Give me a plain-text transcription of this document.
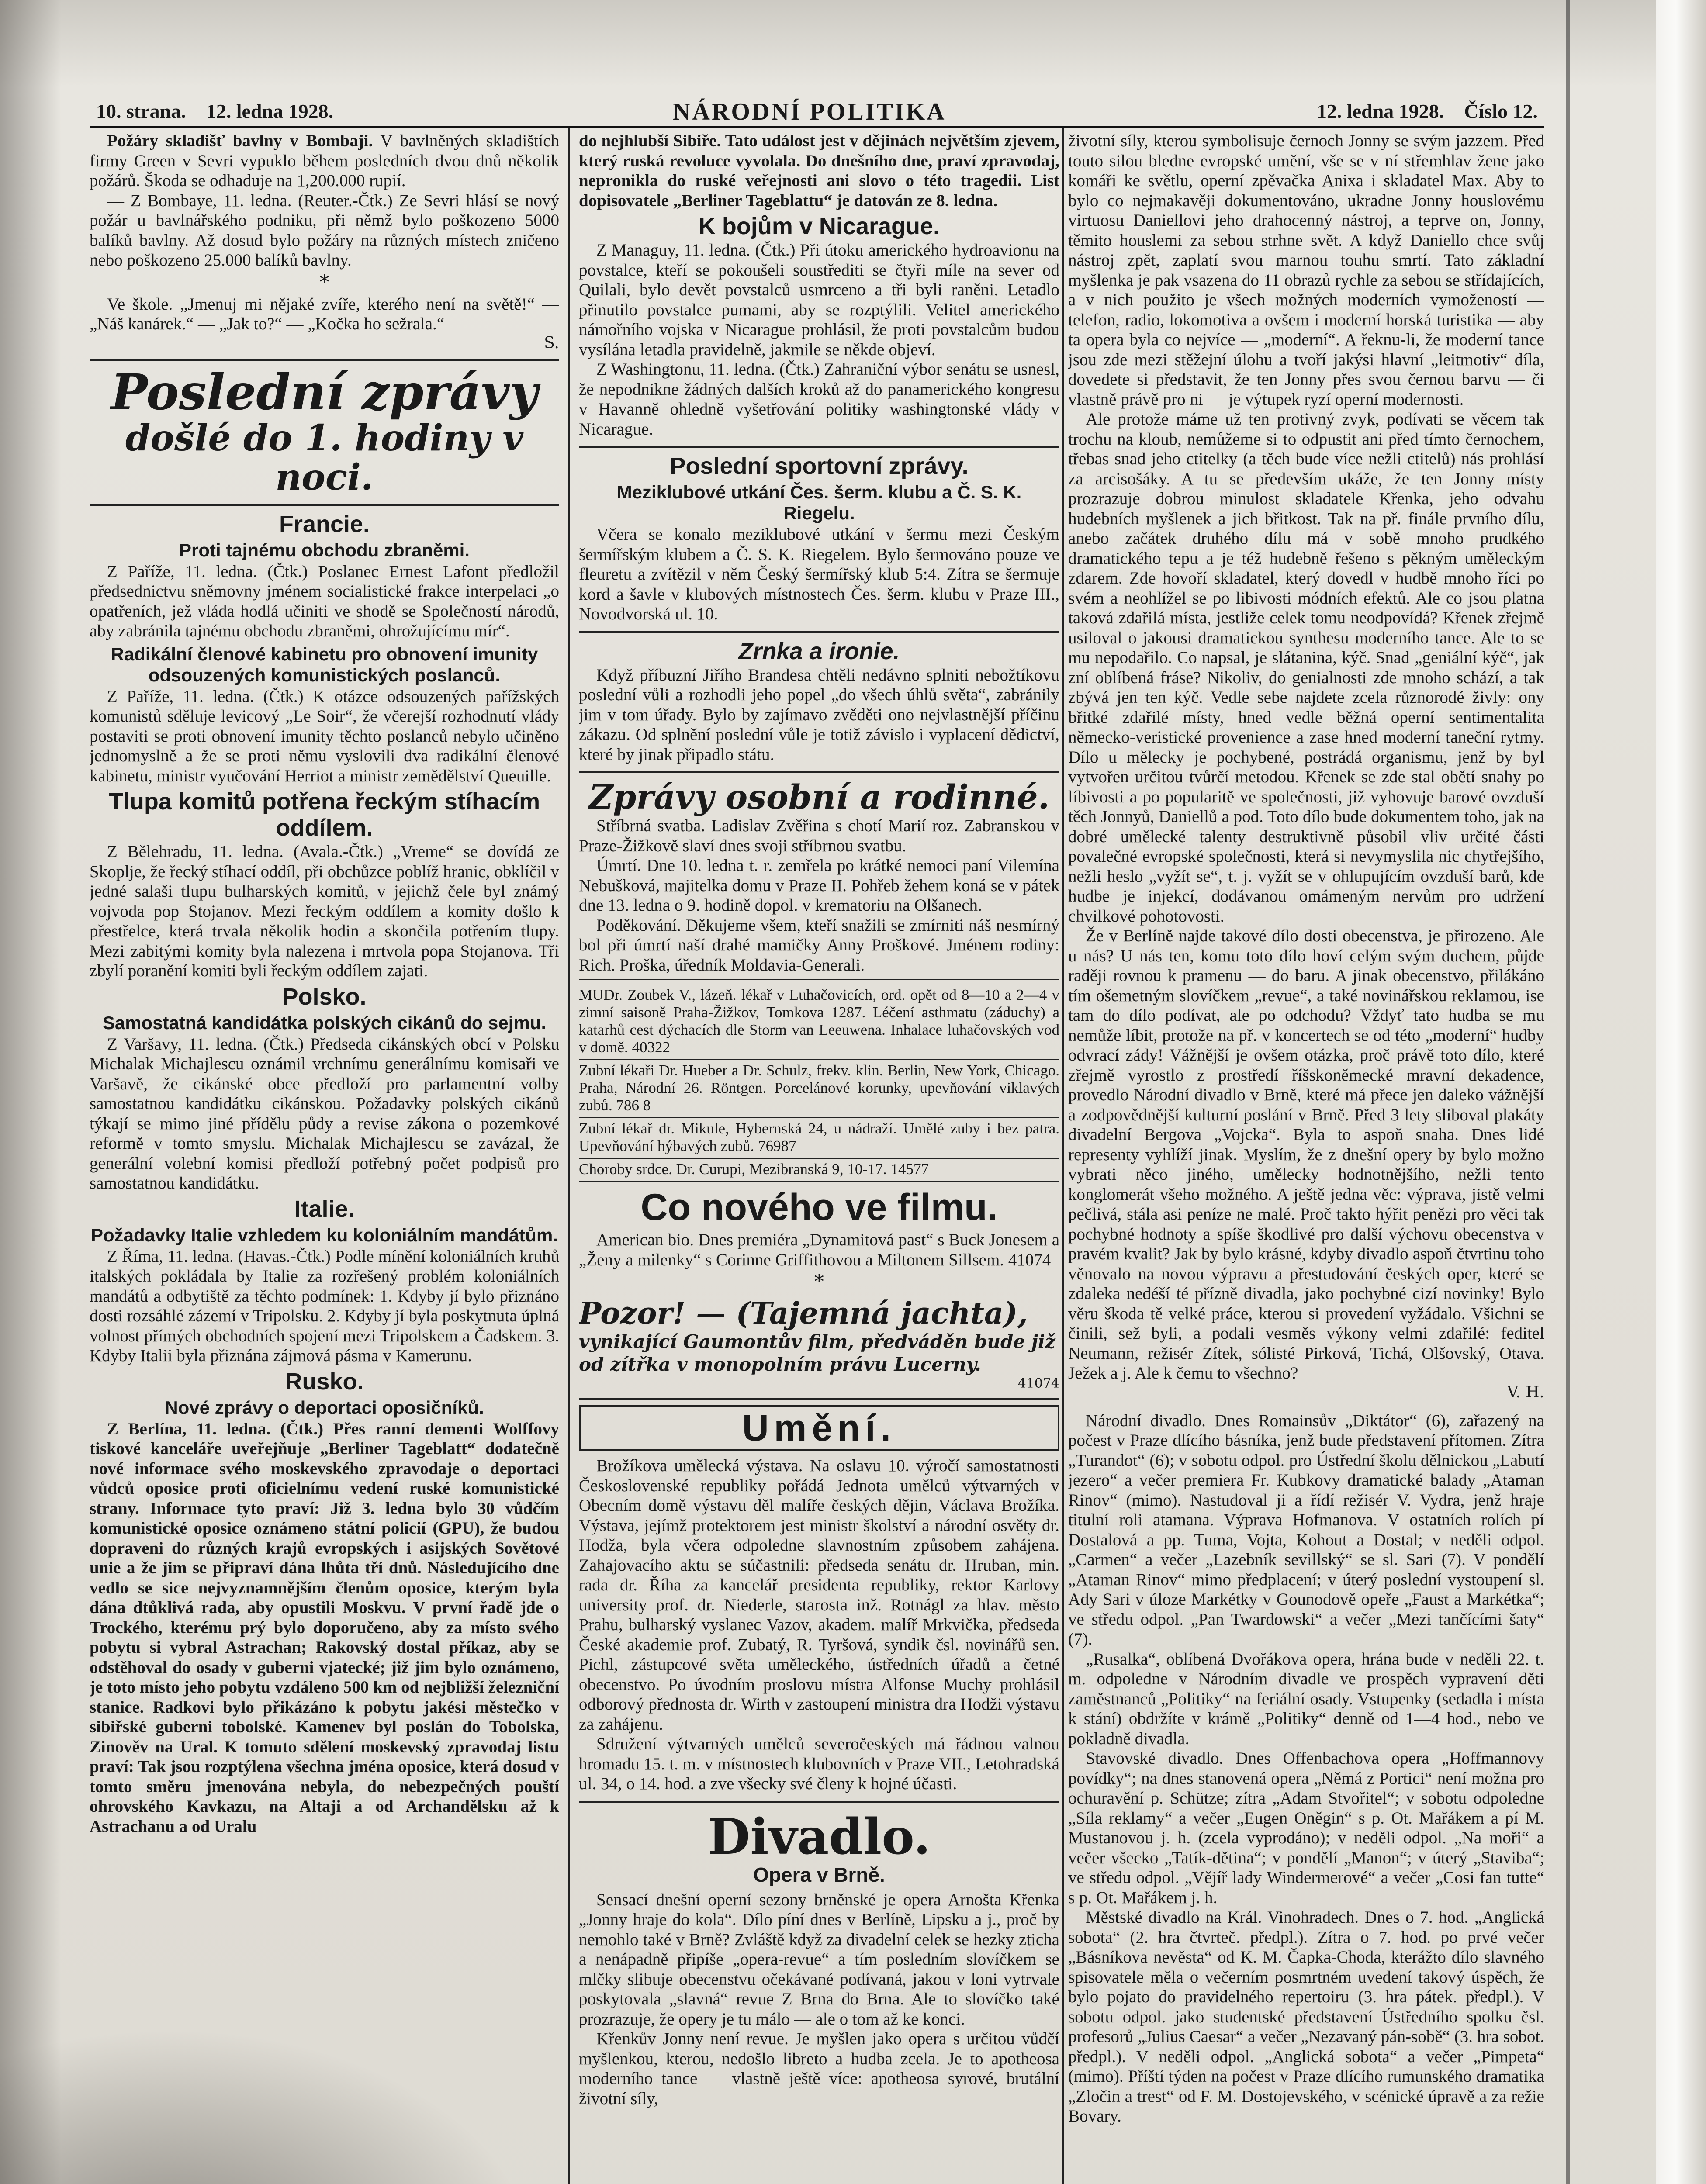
10. strana. 12. ledna 1928.	NÁRODNÍ POLITIKA	12. ledna 1928. Číslo 12.

Požáry skladišť bavlny v Bombaji. V bavlněných skladištích firmy Green v Sevri vypuklo během posledních dvou dnů několik požárů. Škoda se odhaduje na 1,200.000 rupií.

— Z Bombaye, 11. ledna. (Reuter.-Čtk.) Ze Sevri hlásí se nový požár u bavlnářského podniku, při němž bylo poškozeno 5000 balíků bavlny. Až dosud bylo požáry na různých místech zničeno nebo poškozeno 25.000 balíků bavlny.

*

Ve škole. „Jmenuj mi nějaké zvíře, kterého není na světě!“ — „Náš kanárek.“ — „Jak to?“ — „Kočka ho sežrala.“

S.
Poslední zprávy
došlé do 1. hodiny v noci.
Francie.
Proti tajnému obchodu zbraněmi.

Z Paříže, 11. ledna. (Čtk.) Poslanec Ernest Lafont předložil předsednictvu sněmovny jménem socialistické frakce interpelaci „o opatřeních, jež vláda hodlá učiniti ve shodě se Společností národů, aby zabránila tajnému obchodu zbraněmi, ohrožujícímu mír“.

Radikální členové kabinetu pro obnovení imunity odsouzených komunistických poslanců.

Z Paříže, 11. ledna. (Čtk.) K otázce odsouzených pařížských komunistů sděluje levicový „Le Soir“, že včerejší rozhodnutí vlády postaviti se proti obnovení imunity těchto poslanců nebylo učiněno jednomyslně a že se proti němu vyslovili dva radikální členové kabinetu, ministr vyučování Herriot a ministr zemědělství Queuille.

Tlupa komitů potřena řeckým stíhacím oddílem.

Z Bělehradu, 11. ledna. (Avala.-Čtk.) „Vreme“ se dovídá ze Skoplje, že řecký stíhací oddíl, při obchůzce poblíž hranic, obklíčil v jedné salaši tlupu bulharských komitů, v jejichž čele byl známý vojvoda pop Stojanov. Mezi řeckým oddílem a komity došlo k přestřelce, která trvala několik hodin a skončila potřením tlupy. Mezi zabitými komity byla nalezena i mrtvola popa Stojanova. Tři zbylí poranění komiti byli řeckým oddílem zajati.

Polsko.
Samostatná kandidátka polských cikánů do sejmu.

Z Varšavy, 11. ledna. (Čtk.) Předseda cikánských obcí v Polsku Michalak Michajlescu oznámil vrchnímu generálnímu komisaři ve Varšavě, že cikánské obce předloží pro parlamentní volby samostatnou kandidátku cikánskou. Požadavky polských cikánů týkají se mimo jiné přídělu půdy a revise zákona o pozemkové reformě v tomto smyslu. Michalak Michajlescu se zavázal, že generální volební komisi předloží potřebný počet podpisů pro samostatnou kandidátku.

Italie.
Požadavky Italie vzhledem ku koloniálním mandátům.

Z Říma, 11. ledna. (Havas.-Čtk.) Podle mínění koloniálních kruhů italských pokládala by Italie za rozřešený problém koloniálních mandátů a odbytiště za těchto podmínek: 1. Kdyby jí bylo přiznáno dosti rozsáhlé zázemí v Tripolsku. 2. Kdyby jí byla poskytnuta úplná volnost přímých obchodních spojení mezi Tripolskem a Čadskem. 3. Kdyby Italii byla přiznána zájmová pásma v Kamerunu.

Rusko.
Nové zprávy o deportaci oposičníků.

Z Berlína, 11. ledna. (Čtk.) Přes ranní dementi Wolffovy tiskové kanceláře uveřejňuje „Berliner Tageblatt“ dodatečně nové informace svého moskevského zpravodaje o deportaci vůdců oposice proti oficielnímu vedení ruské komunistické strany. Informace tyto praví: Již 3. ledna bylo 30 vůdčím komunistické oposice oznámeno státní policií (GPU), že budou dopraveni do různých krajů evropských i asijských Sovětové unie a že jim se připraví dána lhůta tří dnů. Následujícího dne vedlo se sice nejvyznamnějším členům oposice, kterým byla dána dtůklivá rada, aby opustili Moskvu. V první řadě jde o Trockého, kterému prý bylo doporučeno, aby za místo svého pobytu si vybral Astrachan; Rakovský dostal příkaz, aby se odstěhoval do osady v guberni vjatecké; již jim bylo oznámeno, je toto místo jeho pobytu vzdáleno 500 km od nejbližší železniční stanice. Radkovi bylo přikázáno k pobytu jakési městečko v sibiřské guberni tobolské. Kamenev byl poslán do Tobolska, Zinověv na Ural. K tomuto sdělení moskevský zpravodaj listu praví: Tak jsou rozptýlena všechna jména oposice, která dosud v tomto směru jmenována nebyla, do nebezpečných pouští ohrovského Kavkazu, na Altaji a od Archandělsku až k Astrachanu a od Uralu

do nejhlubší Sibiře. Tato událost jest v dějinách největším zjevem, který ruská revoluce vyvolala. Do dnešního dne, praví zpravodaj, nepronikla do ruské veřejnosti ani slovo o této tragedii. List dopisovatele „Berliner Tageblattu“ je datován ze 8. ledna.

K bojům v Nicarague.

Z Managuy, 11. ledna. (Čtk.) Při útoku amerického hydroavionu na povstalce, kteří se pokoušeli soustřediti se čtyři míle na sever od Quilali, bylo devět povstalců usmrceno a tři byli raněni. Letadlo přinutilo povstalce pumami, aby se rozptýlili. Velitel amerického námořního vojska v Nicarague prohlásil, že proti povstalcům budou vysílána letadla pravidelně, jakmile se někde objeví.

Z Washingtonu, 11. ledna. (Čtk.) Zahraniční výbor senátu se usnesl, že nepodnikne žádných dalších kroků až do panamerického kongresu v Havanně ohledně vyšetřování politiky washingtonské vlády v Nicarague.

Poslední sportovní zprávy.
Meziklubové utkání Čes. šerm. klubu a Č. S. K. Riegelu.

Včera se konalo meziklubové utkání v šermu mezi Českým šermířským klubem a Č. S. K. Riegelem. Bylo šermováno pouze ve fleuretu a zvítězil v něm Český šermířský klub 5:4. Zítra se šermuje kord a šavle v klubových místnostech Čes. šerm. klubu v Praze III., Novodvorská ul. 10.

Zrnka a ironie.

Když příbuzní Jiřího Brandesa chtěli nedávno splniti nebožtíkovu poslední vůli a rozhodli jeho popel „do všech úhlů světa“, zabránily jim v tom úřady. Bylo by zajímavo zvěděti ono nejvlastnější příčinu zákazu. Od splnění poslední vůle je totiž závislo i vyplacení dědictví, které by jinak připadlo státu.

Zprávy osobní a rodinné.

Stříbrná svatba. Ladislav Zvěřina s chotí Marií roz. Zabranskou v Praze-Žižkově slaví dnes svoji stříbrnou svatbu.

Úmrtí. Dne 10. ledna t. r. zemřela po krátké nemoci paní Vilemína Nebušková, majitelka domu v Praze II. Pohřeb žehem koná se v pátek dne 13. ledna o 9. hodině dopol. v krematoriu na Olšanech.

Poděkování. Děkujeme všem, kteří snažili se zmírniti náš nesmírný bol při úmrtí naší drahé mamičky Anny Proškové. Jménem rodiny: Rich. Proška, úředník Moldavia-Generali.

MUDr. Zoubek V., lázeň. lékař v Luhačovicích, ord. opět od 8—10 a 2—4 v zimní saisoně Praha-Žižkov, Tomkova 1287. Léčení asthmatu (záduchy) a katarhů cest dýchacích dle Storm van Leeuwena. Inhalace luhačovských vod v domě. 40322

Zubní lékaři Dr. Hueber a Dr. Schulz, frekv. klin. Berlin, New York, Chicago. Praha, Národní 26. Röntgen. Porcelánové korunky, upevňování viklavých zubů. 786 8

Zubní lékař dr. Mikule, Hybernská 24, u nádraží. Umělé zuby i bez patra. Upevňování hýbavých zubů. 76987

Choroby srdce. Dr. Curupi, Mezibranská 9, 10-17. 14577

Co nového ve filmu.

American bio. Dnes premiéra „Dynamitová past“ s Buck Jonesem a „Ženy a milenky“ s Corinne Griffithovou a Miltonem Sillsem. 41074

*
Pozor! — (Tajemná jachta),

vynikající Gaumontův film, předváděn bude již od zítřka v monopolním právu Lucerny.

41074
Umění.

Brožíkova umělecká výstava. Na oslavu 10. výročí samostatnosti Československé republiky pořádá Jednota umělců výtvarných v Obecním domě výstavu děl malíře českých dějin, Václava Brožíka. Výstava, jejímž protektorem jest ministr školství a národní osvěty dr. Hodža, byla včera odpoledne slavnostním způsobem zahájena. Zahajovacího aktu se súčastnili: předseda senátu dr. Hruban, min. rada dr. Říha za kancelář presidenta republiky, rektor Karlovy university prof. dr. Niederle, starosta inž. Rotnágl za hlav. město Prahu, bulharský vyslanec Vazov, akadem. malíř Mrkvička, předseda České akademie prof. Zubatý, R. Tyršová, syndik čsl. novinářů sen. Pichl, zástupcové světa uměleckého, ústředních úřadů a četné obecenstvo. Po úvodním proslovu místra Alfonse Muchy prohlásil odborový přednosta dr. Wirth v zastoupení ministra dra Hodži výstavu za zahájenu.

Sdružení výtvarných umělců severočeských má řádnou valnou hromadu 15. t. m. v místnostech klubovních v Praze VII., Letohradská ul. 34, o 14. hod. a zve všecky své členy k hojné účasti.

Divadlo.
Opera v Brně.

Sensací dnešní operní sezony brněnské je opera Arnošta Křenka „Jonny hraje do kola“. Dílo píní dnes v Berlíně, Lipsku a j., proč by nemohlo také v Brně? Zvláště když za divadelní celek se hezky zticha a nenápadně připíše „opera-revue“ a tím posledním slovíčkem se mlčky slibuje obecenstvu očekávané podívaná, jakou v loni vytrvale poskytovala „slavná“ revue Z Brna do Brna. Ale to slovíčko také prozrazuje, že opery je tu málo — ale o tom až ke konci.

Křenkův Jonny není revue. Je myšlen jako opera s určitou vůdčí myšlenkou, kterou, nedošlo libreto a hudba zcela. Je to apotheosa moderního tance — vlastně ještě více: apotheosa syrové, brutální životní síly,

životní síly, kterou symbolisuje černoch Jonny se svým jazzem. Před touto silou bledne evropské umění, vše se v ní střemhlav žene jako komáři ke světlu, operní zpěvačka Anixa i skladatel Max. Aby to bylo co nejmakavěji dokumentováno, ukradne Jonny houslovému virtuosu Daniellovi jeho drahocenný nástroj, a teprve on, Jonny, těmito houslemi za sebou strhne svět. A když Daniello chce svůj nástroj zpět, zaplatí svou marnou touhu smrtí. Tato základní myšlenka je pak vsazena do 11 obrazů rychle za sebou se střídajících, a v nich použito je všech možných moderních vymožeností — telefon, radio, lokomotiva a ovšem i moderní horská turistika — aby ta opera byla co nejvíce — „moderní“. A řeknu-li, že moderní tance jsou zde mezi stěžejní úlohu a tvoří jakýsi hlavní „leitmotiv“ díla, dovedete si představit, že ten Jonny přes svou černou barvu — či vlastně právě pro ni — je výtupek ryzí operní modernosti.

Ale protože máme už ten protivný zvyk, podívati se věcem tak trochu na kloub, nemůžeme si to odpustit ani před tímto černochem, třebas snad jeho ctitelky (a těch bude více nežli ctitelů) nás prohlásí za arcisošáky. A tu se především ukáže, že ten Jonny místy prozrazuje dobrou minulost skladatele Křenka, jeho odvahu hudebních myšlenek a jich břitkost. Tak na př. finále prvního dílu, anebo začátek druhého dílu má v sobě mnoho prudkého dramatického tepu a je též hudebně řešeno s pěkným uměleckým zdarem. Zde hovoří skladatel, který dovedl v hudbě mnoho říci po svém a neohlížel se po libivosti módních efektů. Ale co jsou platna taková zdařilá místa, jestliže celek tomu neodpovídá? Křenek zřejmě usiloval o jakousi dramatickou synthesu moderního tance. Ale to se mu nepodařilo. Co napsal, je slátanina, kýč. Snad „geniální kýč“, jak zní oblíbená fráse? Nikoliv, do genialnosti zde mnoho schází, a tak zbývá jen ten kýč. Vedle sebe najdete zcela různorodé živly: ony břitké zdařilé místy, hned vedle běžná operní sentimentalita německo-veristické provenience a zase hned moderní taneční rytmy. Dílo u mělecky je pochybené, postrádá organismu, jenž by byl vytvořen určitou tvůrčí metodou. Křenek se zde stal obětí snahy po líbivosti a po popularitě ve společnosti, již vyhovuje barové ovzduší těch Jonnyů, Daniellů a pod. Toto dílo bude dokumentem toho, jak na dobré umělecké talenty destruktivně působil vliv určité části povalečné evropské společnosti, která si nevymyslila nic chytřejšího, nežli heslo „vyžít se“, t. j. vyžít se v ohlupujícím ovzduší barů, kde hudbe je injekcí, dodávanou omámeným nervům pro udržení chvilkové pohotovosti.

Že v Berlíně najde takové dílo dosti obecenstva, je přirozeno. Ale u nás? U nás ten, komu toto dílo hoví celým svým duchem, půjde raději rovnou k pramenu — do baru. A jinak obecenstvo, přilákáno tím ošemetným slovíčkem „revue“, a také novinářskou reklamou, ise tam do dílo podívat, ale po odchodu? Vždyť tato hudba se mu nemůže líbit, protože na př. v koncertech se od této „moderní“ hudby odvrací zády! Vážnější je ovšem otázka, proč právě toto dílo, které zřejmě vyrostlo z prostředí říšskoněmecké mravní dekadence, provedlo Národní divadlo v Brně, které má přece jen daleko vážnější a zodpovědnější kulturní poslání v Brně. Před 3 lety sliboval plakáty divadelní Bergova „Vojcka“. Byla to aspoň snaha. Dnes lidé representy vyhlíží jinak. Myslím, že z dnešní opery by bylo možno vybrati něco jiného, umělecky hodnotnějšího, nežli tento konglomerát všeho možného. A ještě jedna věc: výprava, jistě velmi pečlivá, stála asi peníze ne malé. Proč takto hýřit penězi pro věci tak pochybné hodnoty a spíše škodlivé pro další výchovu obecenstva v pravém kvalit? Jak by bylo krásné, kdyby divadlo aspoň čtvrtinu toho věnovalo na novou výpravu a přestudování českých oper, které se zdaleka nedéší té přízně divadla, jako pochybné cizí novinky! Bylo věru škoda tě velké práce, kterou si provedení vyžádalo. Všichni se činili, sež byli, a podali vesměs výkony velmi zdařilé: feditel Neumann, režisér Zítek, sólisté Pirková, Tichá, Olšovský, Otava. Ježek a j. Ale k čemu to všechno?

V. H.

Národní divadlo. Dnes Romainsův „Diktátor“ (6), zařazený na počest v Praze dlícího básníka, jenž bude představení přítomen. Zítra „Turandot“ (6); v sobotu odpol. pro Ústřední školu dělnickou „Labutí jezero“ a večer premiera Fr. Kubkovy dramatické balady „Ataman Rinov“ (mimo). Nastudoval ji a řídí režisér V. Vydra, jenž hraje titulní roli atamana. Výprava Hofmanova. V ostatních rolích pí Dostalová a pp. Tuma, Vojta, Kohout a Dostal; v neděli odpol. „Carmen“ a večer „Lazebník sevillský“ se sl. Sari (7). V pondělí „Ataman Rinov“ mimo předplacení; v úterý poslední vystoupení sl. Ady Sari v úloze Markétky v Gounodově opeře „Faust a Markétka“; ve středu odpol. „Pan Twardowski“ a večer „Mezi tančícími šaty“ (7).

„Rusalka“, oblíbená Dvořákova opera, hrána bude v neděli 22. t. m. odpoledne v Národním divadle ve prospěch vypravení děti zaměstnanců „Politiky“ na feriální osady. Vstupenky (sedadla i místa k stání) obdržíte v krámě „Politiky“ denně od 1—4 hod., nebo ve pokladně divadla.

Stavovské divadlo. Dnes Offenbachova opera „Hoffmannovy povídky“; na dnes stanovená opera „Němá z Portici“ není možna pro ochuravění p. Schütze; zítra „Adam Stvořitel“; v sobotu odpoledne „Síla reklamy“ a večer „Eugen Oněgin“ s p. Ot. Mařákem a pí M. Mustanovou j. h. (zcela vyprodáno); v neděli odpol. „Na moři“ a večer všecko „Tatík-dětina“; v pondělí „Manon“; v úterý „Staviba“; ve středu odpol. „Vějíř lady Windermerové“ a večer „Cosi fan tutte“ s p. Ot. Mařákem j. h.

Městské divadlo na Král. Vinohradech. Dnes o 7. hod. „Anglická sobota“ (2. hra čtvrteč. předpl.). Zítra o 7. hod. po prvé večer „Básníkova nevěsta“ od K. M. Čapka-Choda, kterážto dílo slavného spisovatele měla o večerním posmrtném uvedení takový úspěch, že bylo pojato do pravidelného repertoiru (3. hra pátek. předpl.). V sobotu odpol. jako studentské představení Ústředního spolku čsl. profesorů „Julius Caesar“ a večer „Nezavaný pán-sobě“ (3. hra sobot. předpl.). V neděli odpol. „Anglická sobota“ a večer „Pimpeta“ (mimo). Příští týden na počest v Praze dlícího rumunského dramatika „Zločin a trest“ od F. M. Dostojevského, v scénické úpravě a za režie Bovary.
